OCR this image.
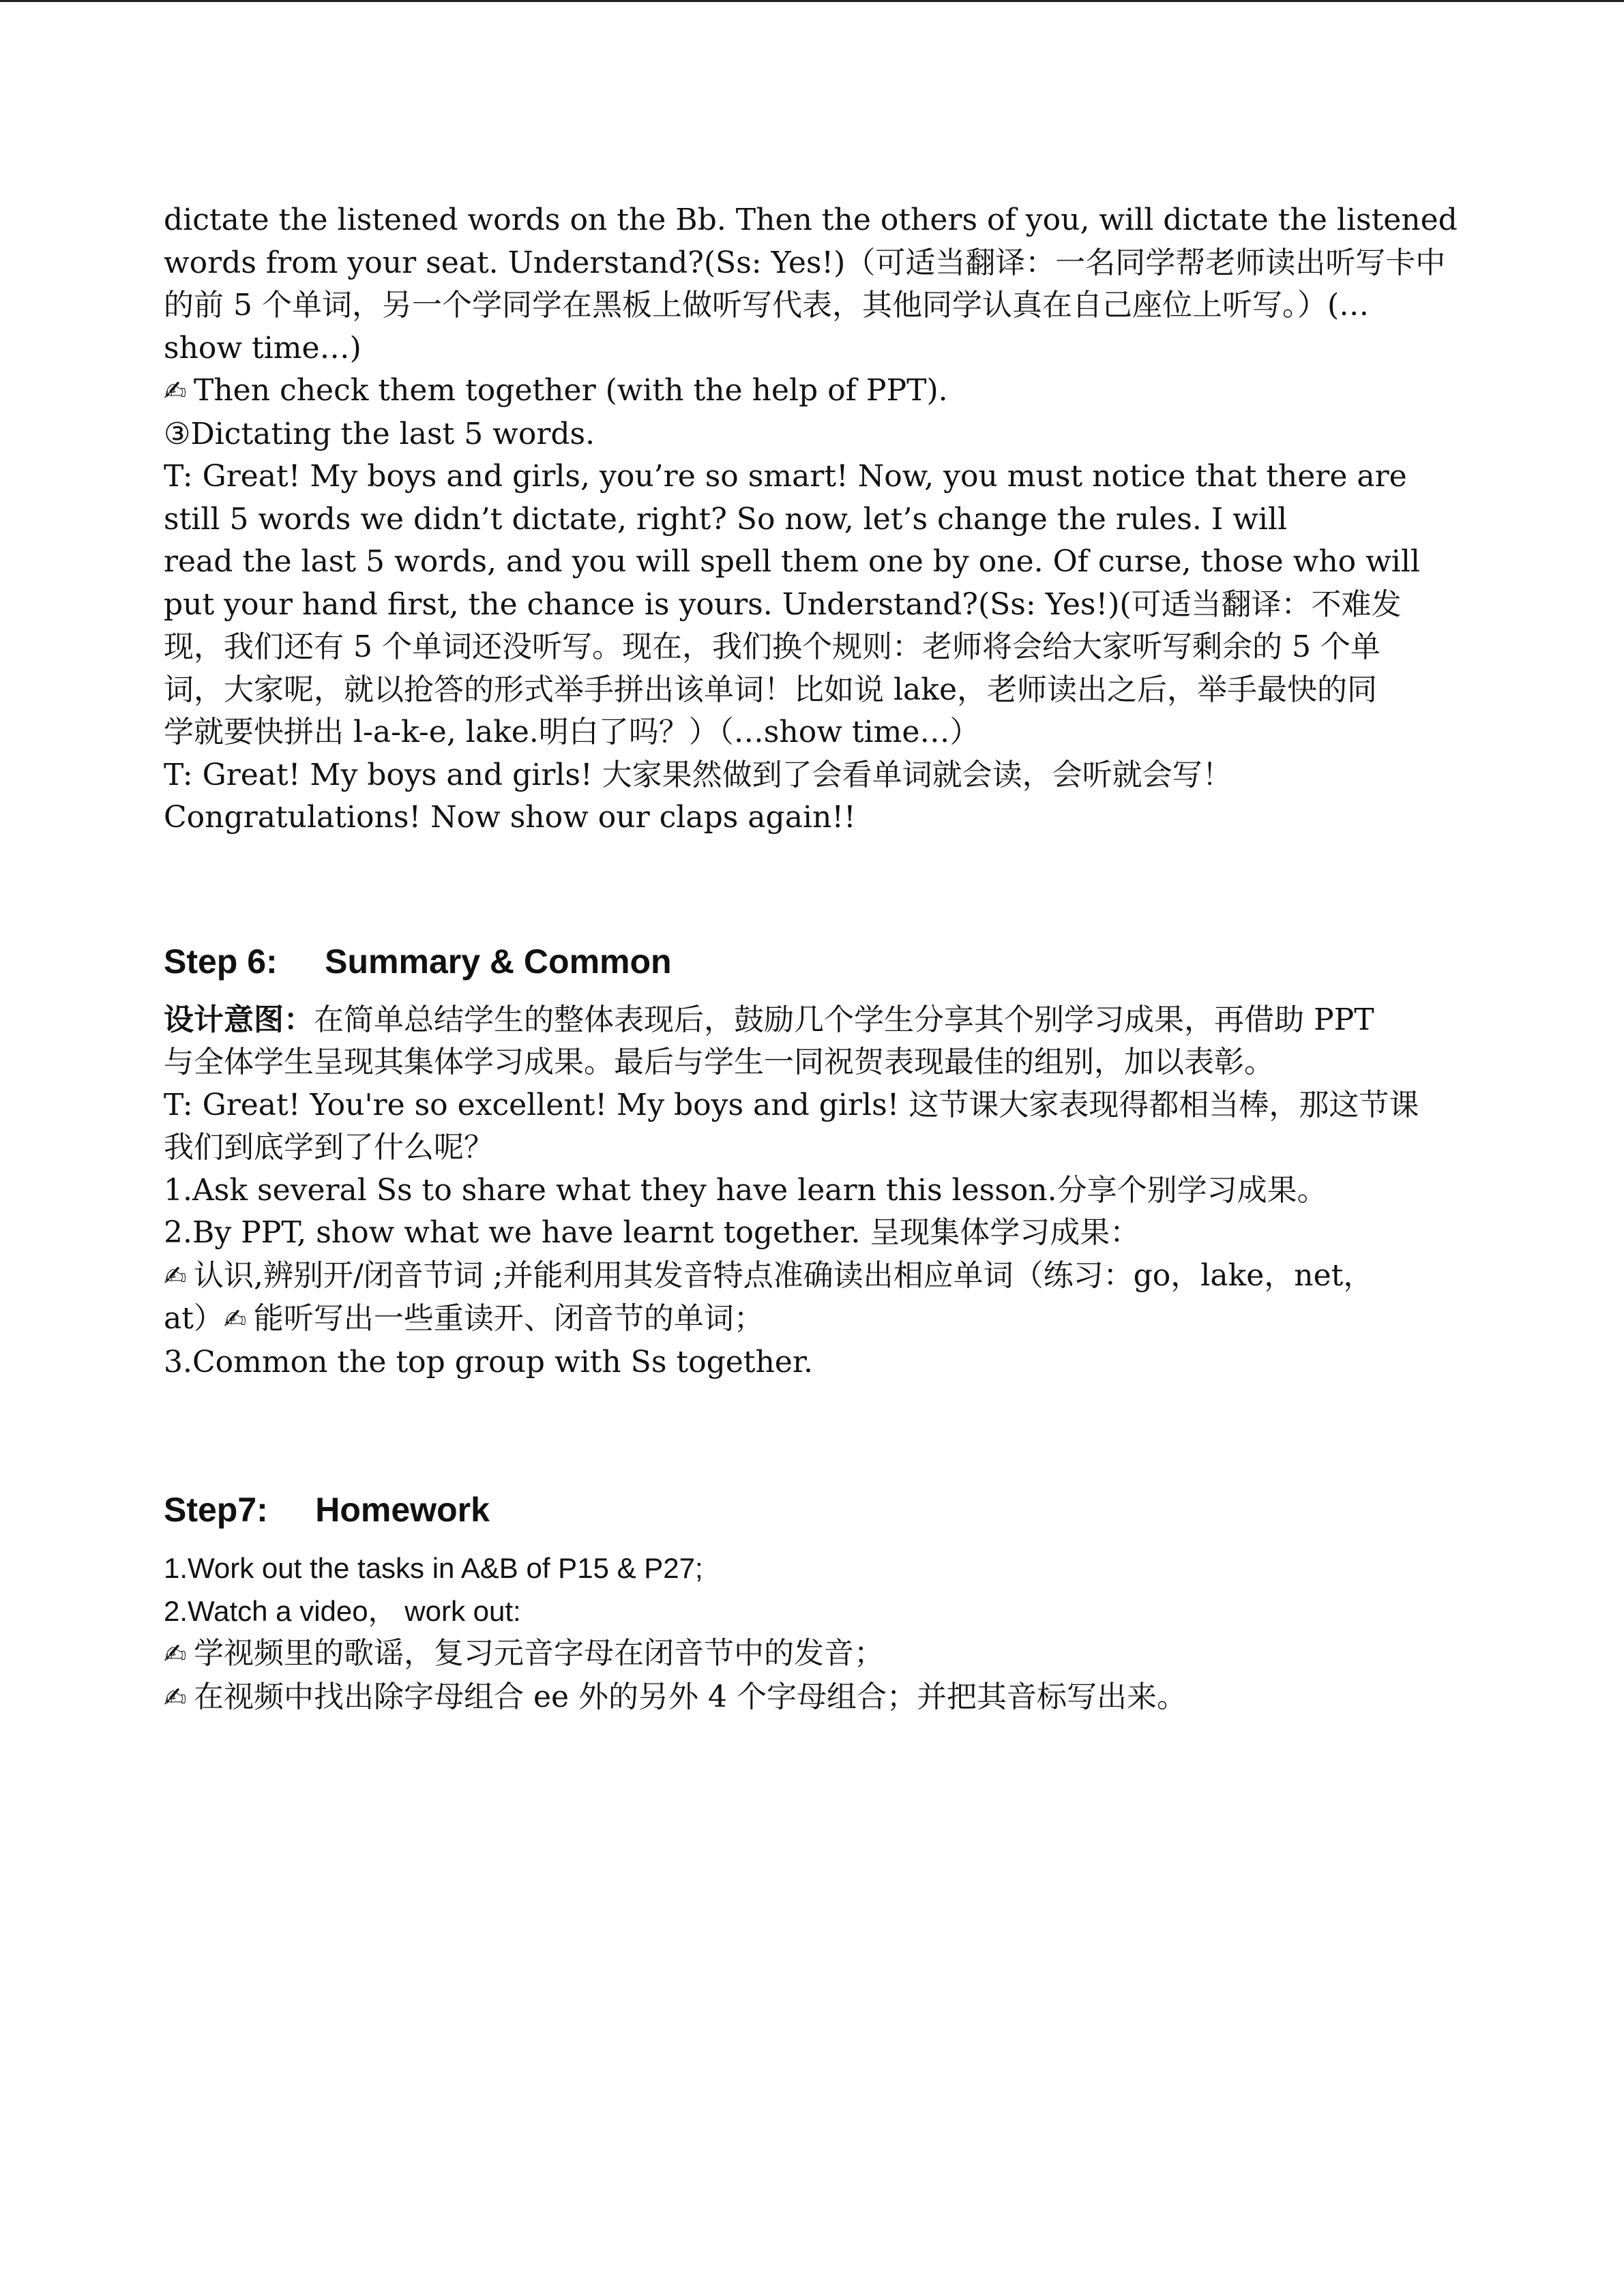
dictate the listened words on the Bb. Then the others of you, will dictate the listened

words from your seat. Understand?(Ss: Yes!)（可适当翻译：一名同学帮老师读出听写卡中

的前 5 个单词，另一个学同学在黑板上做听写代表，其他同学认真在自己座位上听写。）(…

show time…)

✍ Then check them together (with the help of PPT).

③Dictating the last 5 words.

T: Great! My boys and girls, you’re so smart! Now, you must notice that there are

still 5 words we didn’t dictate, right? So now, let’s change the rules. I will

read the last 5 words, and you will spell them one by one. Of curse, those who will

put your hand first, the chance is yours. Understand?(Ss: Yes!)(可适当翻译：不难发

现，我们还有 5 个单词还没听写。现在，我们换个规则：老师将会给大家听写剩余的 5 个单

词，大家呢，就以抢答的形式举手拼出该单词！比如说 lake，老师读出之后，举手最快的同

学就要快拼出 l-a-k-e, lake.明白了吗？）（…show time…）

T: Great! My boys and girls! 大家果然做到了会看单词就会读，会听就会写！

Congratulations! Now show our claps again!!

Step 6:     Summary & Common

设计意图：在简单总结学生的整体表现后，鼓励几个学生分享其个别学习成果，再借助 PPT

与全体学生呈现其集体学习成果。最后与学生一同祝贺表现最佳的组别，加以表彰。

T: Great! You're so excellent! My boys and girls! 这节课大家表现得都相当棒，那这节课

我们到底学到了什么呢？

1.Ask several Ss to share what they have learn this lesson.分享个别学习成果。

2.By PPT, show what we have learnt together. 呈现集体学习成果：

✍ 认识,辨别开/闭音节词 ;并能利用其发音特点准确读出相应单词（练习：go，lake，net，

at）✍ 能听写出一些重读开、闭音节的单词；

3.Common the top group with Ss together.

Step7:     Homework

1.Work out the tasks in A&B of P15 & P27;

2.Watch a video， work out:

✍ 学视频里的歌谣，复习元音字母在闭音节中的发音；

✍ 在视频中找出除字母组合 ee 外的另外 4 个字母组合；并把其音标写出来。
